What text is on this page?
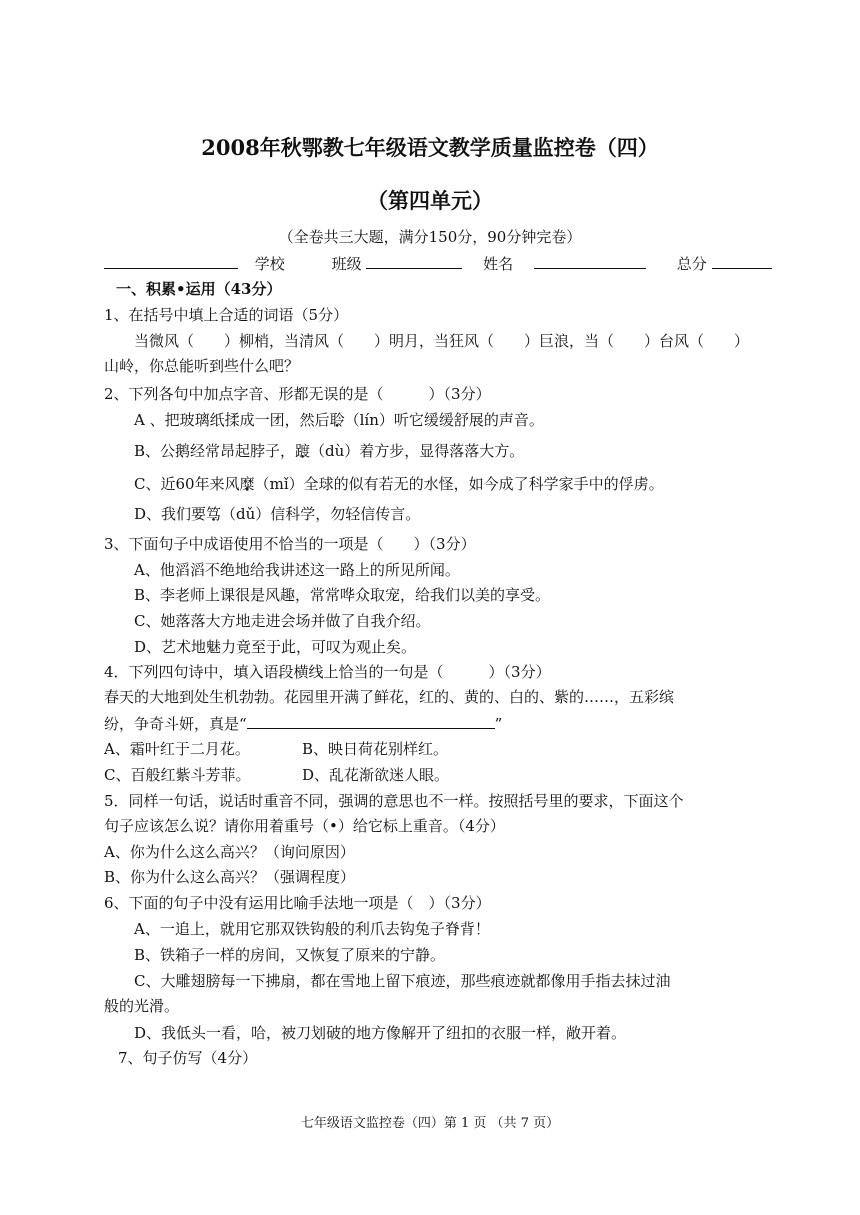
2008年秋鄂教七年级语文教学质量监控卷（四）
（第四单元）
（全卷共三大题，满分150分，90分钟完卷）
学校	班级	姓名	总分
一、积累•运用（43分）
1、在括号中填上合适的词语（5分）
当微风（　　）柳梢，当清风（　　）明月，当狂风（　　）巨浪，当（　　）台风（　　）
山岭，你总能听到些什么吧？
2、下列各句中加点字音、形都无误的是（　　　）（3分）
A 、把玻璃纸揉成一团，然后聆（lín）听它缓缓舒展的声音。
B、公鹅经常昂起脖子，踱（dù）着方步，显得落落大方。
C、近60年来风糜（mǐ）全球的似有若无的水怪，如今成了科学家手中的俘虏。
D、我们要笃（dǔ）信科学，勿轻信传言。
3、下面句子中成语使用不恰当的一项是（　　）（3分）
A、他滔滔不绝地给我讲述这一路上的所见所闻。
B、李老师上课很是风趣，常常哗众取宠，给我们以美的享受。
C、她落落大方地走进会场并做了自我介绍。
D、艺术地魅力竟至于此，可叹为观止矣。
4．下列四句诗中，填入语段横线上恰当的一句是（　　　）（3分）
春天的大地到处生机勃勃。花园里开满了鲜花，红的、黄的、白的、紫的……，五彩缤
纷，争奇斗妍，真是“	”
A、霜叶红于二月花。	B、映日荷花别样红。
C、百般红紫斗芳菲。	D、乱花渐欲迷人眼。
5．同样一句话，说话时重音不同，强调的意思也不一样。按照括号里的要求，下面这个
句子应该怎么说？请你用着重号（•）给它标上重音。（4分）
A、你为什么这么高兴？（询问原因）
B、你为什么这么高兴？（强调程度）
6、下面的句子中没有运用比喻手法地一项是（　）（3分）
A、一追上，就用它那双铁钩般的利爪去钩兔子脊背！
B、铁箱子一样的房间，又恢复了原来的宁静。
C、大雕翅膀每一下拂扇，都在雪地上留下痕迹，那些痕迹就都像用手指去抹过油
般的光滑。
D、我低头一看，哈，被刀划破的地方像解开了纽扣的衣服一样，敞开着。
7、句子仿写（4分）
七年级语文监控卷（四）第 1 页 （共 7 页）
